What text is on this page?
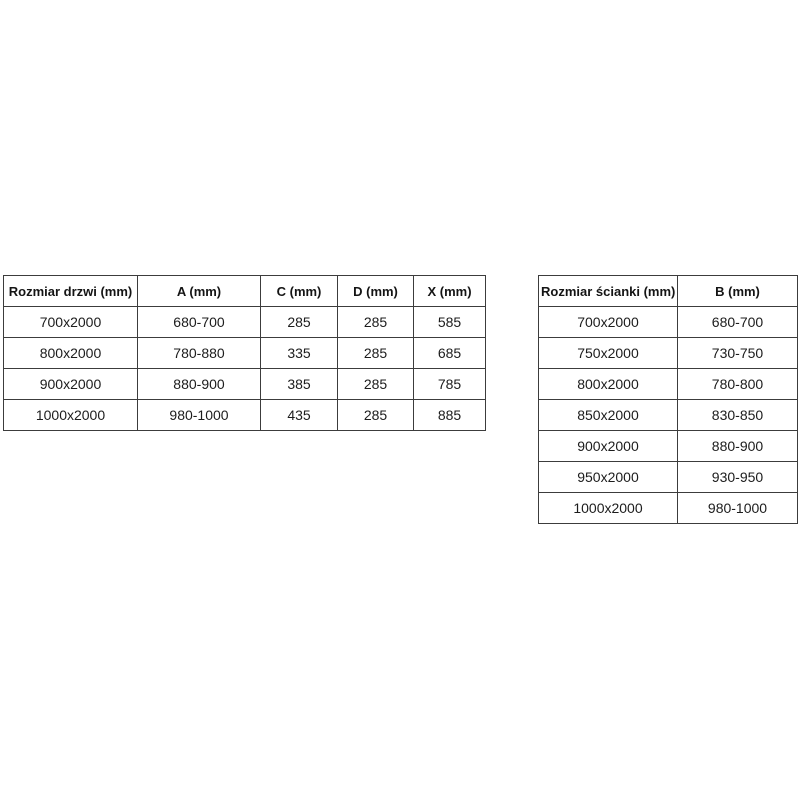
Rozmiar drzwi (mm)	A (mm)	C (mm)	D (mm)	X (mm)
700x2000	680-700	285	285	585
800x2000	780-880	335	285	685
900x2000	880-900	385	285	785
1000x2000	980-1000	435	285	885
Rozmiar ścianki (mm)	B (mm)
700x2000	680-700
750x2000	730-750
800x2000	780-800
850x2000	830-850
900x2000	880-900
950x2000	930-950
1000x2000	980-1000
